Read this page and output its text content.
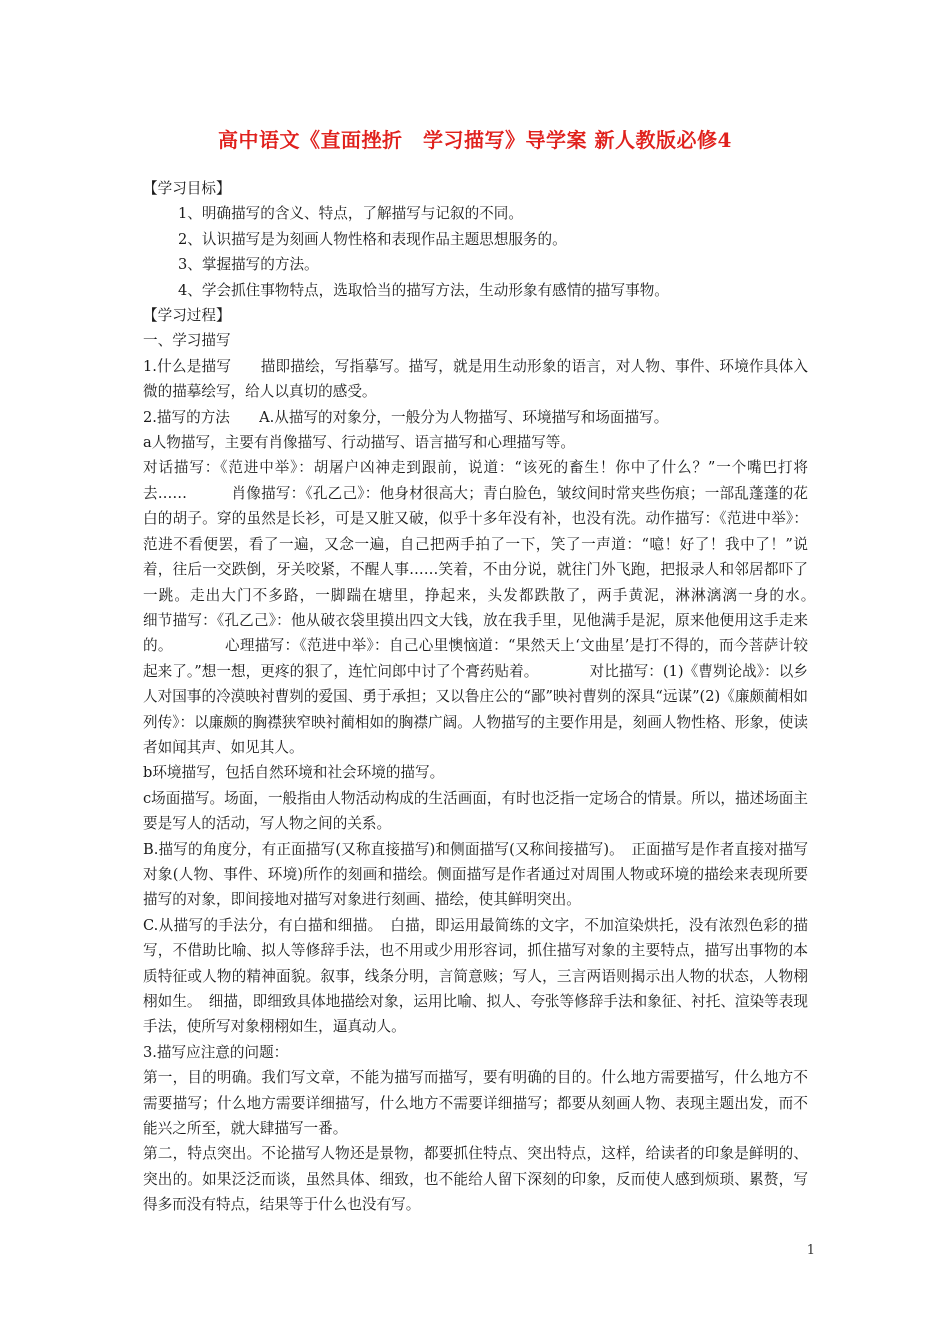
高中语文《直面挫折　学习描写》导学案 新人教版必修4

【学习目标】

1、明确描写的含义、特点，了解描写与记叙的不同。

2、认识描写是为刻画人物性格和表现作品主题思想服务的。

3、掌握描写的方法。

4、学会抓住事物特点，选取恰当的描写方法，生动形象有感情的描写事物。

【学习过程】

一、学习描写

1.什么是描写　　描即描绘，写指摹写。描写，就是用生动形象的语言，对人物、事件、环境作具体入微的描摹绘写，给人以真切的感受。

2.描写的方法　　A.从描写的对象分，一般分为人物描写、环境描写和场面描写。

a人物描写，主要有肖像描写、行动描写、语言描写和心理描写等。

对话描写：《范进中举》：胡屠户凶神走到跟前，说道：“该死的畜生！你中了什么？”一个嘴巴打将去……　　　肖像描写：《孔乙己》：他身材很高大；青白脸色，皱纹间时常夹些伤痕；一部乱蓬蓬的花白的胡子。穿的虽然是长衫，可是又脏又破，似乎十多年没有补，也没有洗。动作描写：《范进中举》：范进不看便罢，看了一遍，又念一遍，自己把两手拍了一下，笑了一声道：“噫！好了！我中了！”说着，往后一交跌倒，牙关咬紧，不醒人事……笑着，不由分说，就往门外飞跑，把报录人和邻居都吓了一跳。走出大门不多路，一脚踹在塘里，挣起来，头发都跌散了，两手黄泥，淋淋漓漓一身的水。　　　　细节描写：《孔乙己》：他从破衣袋里摸出四文大钱，放在我手里，见他满手是泥，原来他便用这手走来的。　　　　心理描写：《范进中举》：自己心里懊恼道：“果然天上‘文曲星’是打不得的，而今菩萨计较起来了。”想一想，更疼的狠了，连忙问郎中讨了个膏药贴着。　　　　对比描写：(1)《曹刿论战》：以乡人对国事的冷漠映衬曹刿的爱国、勇于承担；又以鲁庄公的“鄙”映衬曹刿的深具“远谋”(2)《廉颇蔺相如列传》：以廉颇的胸襟狭窄映衬蔺相如的胸襟广阔。人物描写的主要作用是，刻画人物性格、形象，使读者如闻其声、如见其人。

b环境描写，包括自然环境和社会环境的描写。

c场面描写。场面，一般指由人物活动构成的生活画面，有时也泛指一定场合的情景。所以，描述场面主要是写人的活动，写人物之间的关系。

B.描写的角度分，有正面描写(又称直接描写)和侧面描写(又称间接描写)。　正面描写是作者直接对描写对象(人物、事件、环境)所作的刻画和描绘。侧面描写是作者通过对周围人物或环境的描绘来表现所要描写的对象，即间接地对描写对象进行刻画、描绘，使其鲜明突出。

C.从描写的手法分，有白描和细描。　白描，即运用最简练的文字，不加渲染烘托，没有浓烈色彩的描写，不借助比喻、拟人等修辞手法，也不用或少用形容词，抓住描写对象的主要特点，描写出事物的本质特征或人物的精神面貌。叙事，线条分明，言简意赅；写人，三言两语则揭示出人物的状态，人物栩栩如生。　细描，即细致具体地描绘对象，运用比喻、拟人、夸张等修辞手法和象征、衬托、渲染等表现手法，使所写对象栩栩如生，逼真动人。

3.描写应注意的问题：

第一，目的明确。我们写文章，不能为描写而描写，要有明确的目的。什么地方需要描写，什么地方不需要描写；什么地方需要详细描写，什么地方不需要详细描写；都要从刻画人物、表现主题出发，而不能兴之所至，就大肆描写一番。

第二，特点突出。不论描写人物还是景物，都要抓住特点、突出特点，这样，给读者的印象是鲜明的、突出的。如果泛泛而谈，虽然具体、细致，也不能给人留下深刻的印象，反而使人感到烦琐、累赘，写得多而没有特点，结果等于什么也没有写。

1
